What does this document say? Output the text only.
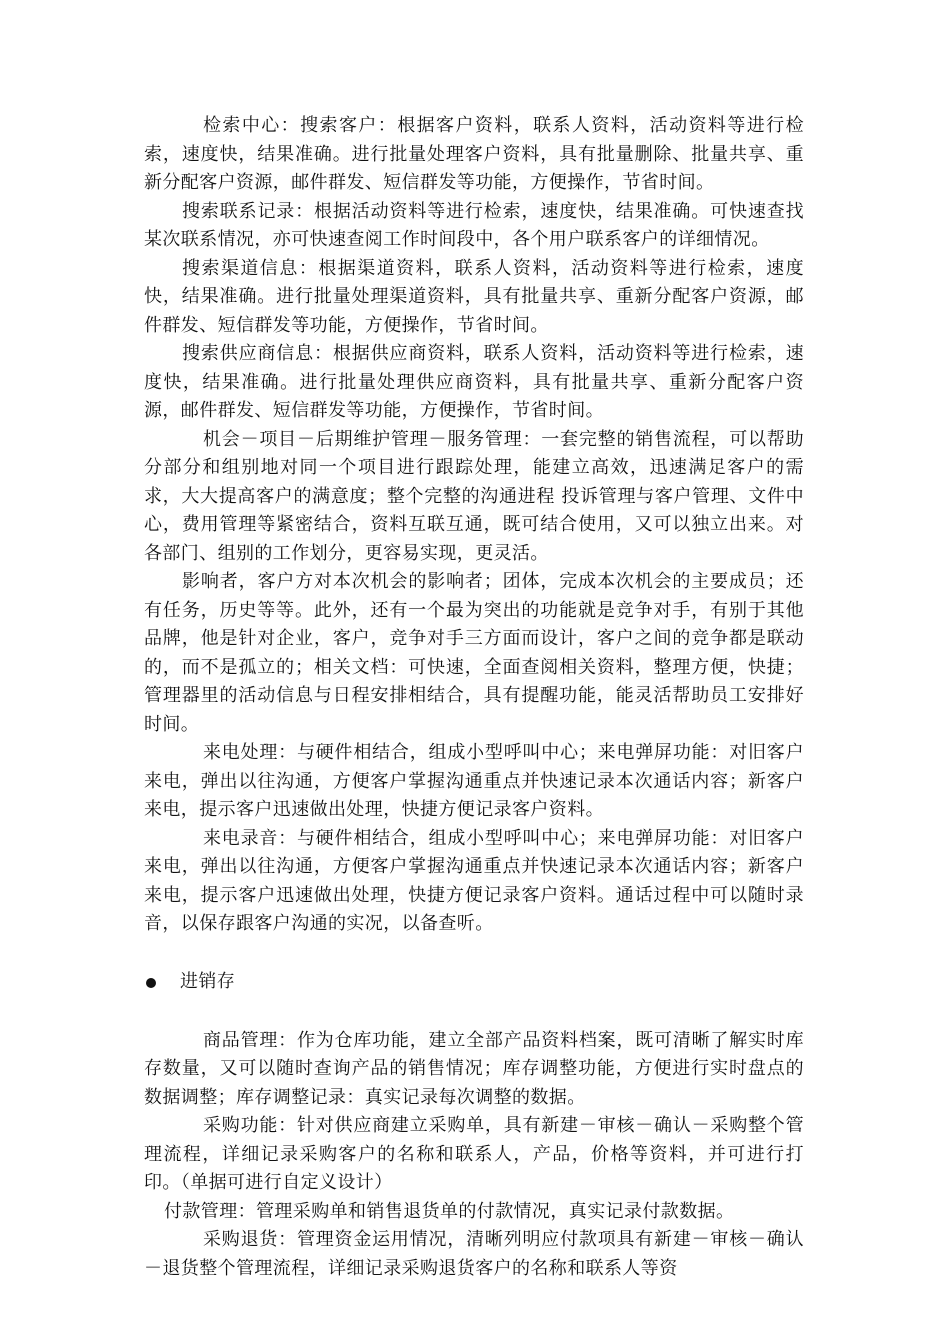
检索中心：搜索客户：根据客户资料，联系人资料，活动资料等进行检索，速度快，结果准确。进行批量处理客户资料，具有批量删除、批量共享、重新分配客户资源，邮件群发、短信群发等功能，方便操作，节省时间。

搜索联系记录：根据活动资料等进行检索，速度快，结果准确。可快速查找某次联系情况，亦可快速查阅工作时间段中，各个用户联系客户的详细情况。

搜索渠道信息：根据渠道资料，联系人资料，活动资料等进行检索，速度快，结果准确。进行批量处理渠道资料，具有批量共享、重新分配客户资源，邮件群发、短信群发等功能，方便操作，节省时间。

搜索供应商信息：根据供应商资料，联系人资料，活动资料等进行检索，速度快，结果准确。进行批量处理供应商资料，具有批量共享、重新分配客户资源，邮件群发、短信群发等功能，方便操作，节省时间。

机会－项目－后期维护管理－服务管理：一套完整的销售流程，可以帮助分部分和组别地对同一个项目进行跟踪处理，能建立高效，迅速满足客户的需求，大大提高客户的满意度；整个完整的沟通进程 投诉管理与客户管理、文件中心，费用管理等紧密结合，资料互联互通，既可结合使用，又可以独立出来。对各部门、组别的工作划分，更容易实现，更灵活。

影响者，客户方对本次机会的影响者；团体，完成本次机会的主要成员；还有任务，历史等等。此外，还有一个最为突出的功能就是竞争对手，有别于其他品牌，他是针对企业，客户，竞争对手三方面而设计，客户之间的竞争都是联动的，而不是孤立的；相关文档：可快速，全面查阅相关资料，整理方便，快捷；管理器里的活动信息与日程安排相结合，具有提醒功能，能灵活帮助员工安排好时间。

来电处理：与硬件相结合，组成小型呼叫中心；来电弹屏功能：对旧客户来电，弹出以往沟通，方便客户掌握沟通重点并快速记录本次通话内容；新客户来电，提示客户迅速做出处理，快捷方便记录客户资料。

来电录音：与硬件相结合，组成小型呼叫中心；来电弹屏功能：对旧客户来电，弹出以往沟通，方便客户掌握沟通重点并快速记录本次通话内容；新客户来电，提示客户迅速做出处理，快捷方便记录客户资料。通话过程中可以随时录音，以保存跟客户沟通的实况，以备查听。

进销存

商品管理：作为仓库功能，建立全部产品资料档案，既可清晰了解实时库存数量，又可以随时查询产品的销售情况；库存调整功能，方便进行实时盘点的数据调整；库存调整记录：真实记录每次调整的数据。

采购功能：针对供应商建立采购单，具有新建－审核－确认－采购整个管理流程，详细记录采购客户的名称和联系人，产品，价格等资料，并可进行打印。（单据可进行自定义设计）

付款管理：管理采购单和销售退货单的付款情况，真实记录付款数据。

采购退货：管理资金运用情况，清晰列明应付款项具有新建－审核－确认－退货整个管理流程，详细记录采购退货客户的名称和联系人等资
